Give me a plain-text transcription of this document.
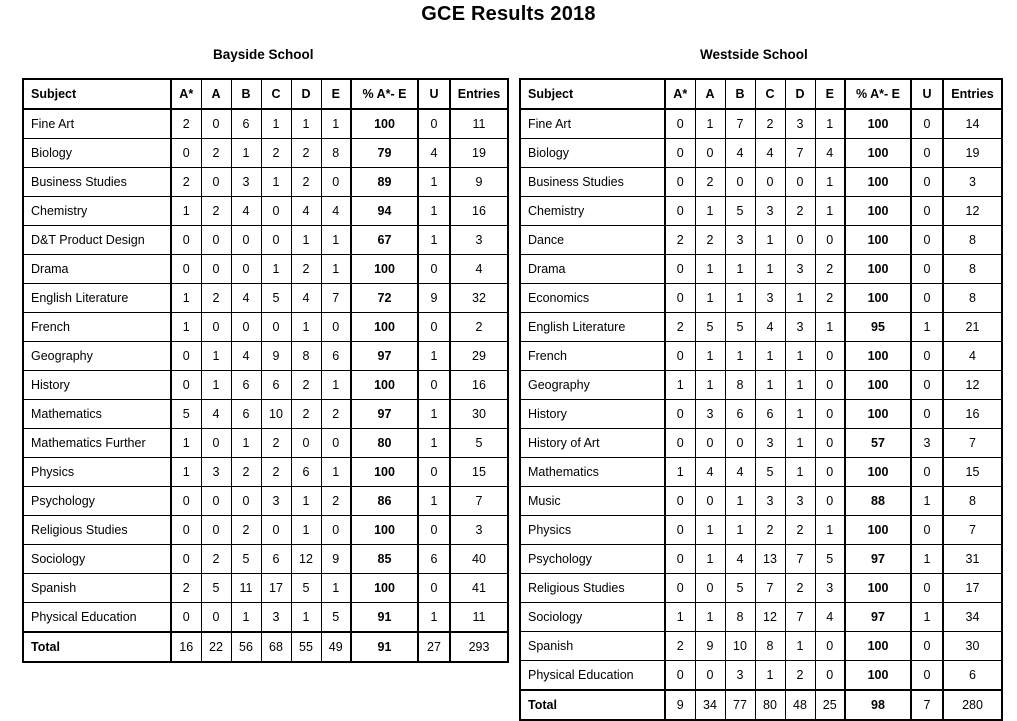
GCE Results 2018
Bayside School	Westside School
Subject	A*	A	B	C	D	E	% A*- E	U	Entries
Fine Art	2	0	6	1	1	1	100	0	11
Biology	0	2	1	2	2	8	79	4	19
Business Studies	2	0	3	1	2	0	89	1	9
Chemistry	1	2	4	0	4	4	94	1	16
D&T Product Design	0	0	0	0	1	1	67	1	3
Drama	0	0	0	1	2	1	100	0	4
English Literature	1	2	4	5	4	7	72	9	32
French	1	0	0	0	1	0	100	0	2
Geography	0	1	4	9	8	6	97	1	29
History	0	1	6	6	2	1	100	0	16
Mathematics	5	4	6	10	2	2	97	1	30
Mathematics Further	1	0	1	2	0	0	80	1	5
Physics	1	3	2	2	6	1	100	0	15
Psychology	0	0	0	3	1	2	86	1	7
Religious Studies	0	0	2	0	1	0	100	0	3
Sociology	0	2	5	6	12	9	85	6	40
Spanish	2	5	11	17	5	1	100	0	41
Physical Education	0	0	1	3	1	5	91	1	11
Total	16	22	56	68	55	49	91	27	293
Subject	A*	A	B	C	D	E	% A*- E	U	Entries
Fine Art	0	1	7	2	3	1	100	0	14
Biology	0	0	4	4	7	4	100	0	19
Business Studies	0	2	0	0	0	1	100	0	3
Chemistry	0	1	5	3	2	1	100	0	12
Dance	2	2	3	1	0	0	100	0	8
Drama	0	1	1	1	3	2	100	0	8
Economics	0	1	1	3	1	2	100	0	8
English Literature	2	5	5	4	3	1	95	1	21
French	0	1	1	1	1	0	100	0	4
Geography	1	1	8	1	1	0	100	0	12
History	0	3	6	6	1	0	100	0	16
History of Art	0	0	0	3	1	0	57	3	7
Mathematics	1	4	4	5	1	0	100	0	15
Music	0	0	1	3	3	0	88	1	8
Physics	0	1	1	2	2	1	100	0	7
Psychology	0	1	4	13	7	5	97	1	31
Religious Studies	0	0	5	7	2	3	100	0	17
Sociology	1	1	8	12	7	4	97	1	34
Spanish	2	9	10	8	1	0	100	0	30
Physical Education	0	0	3	1	2	0	100	0	6
Total	9	34	77	80	48	25	98	7	280
